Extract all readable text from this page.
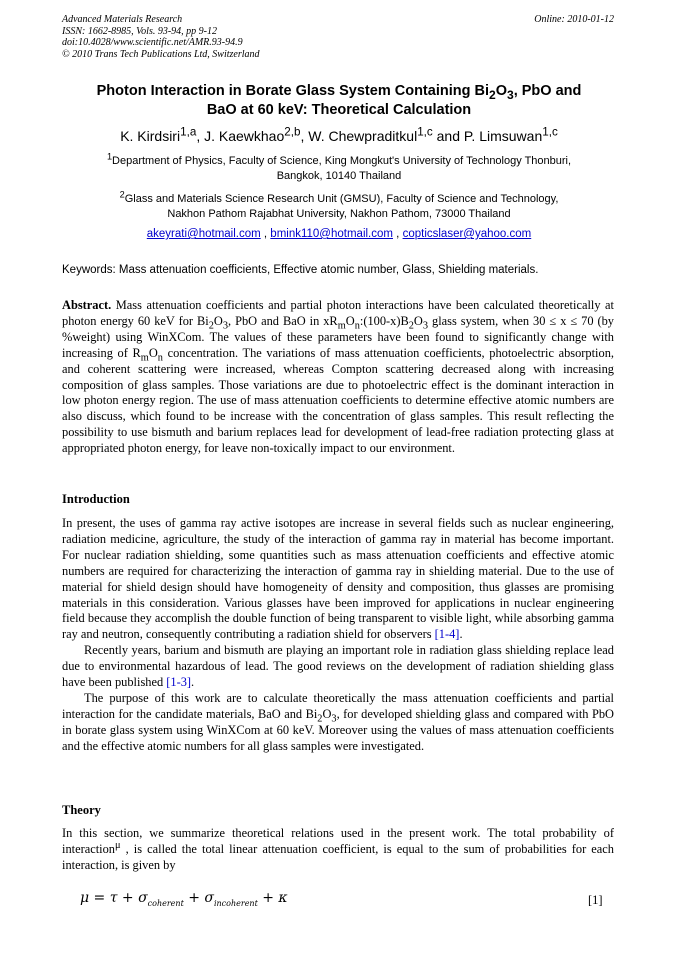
Advanced Materials Research
ISSN: 1662-8985, Vols. 93-94, pp 9-12
doi:10.4028/www.scientific.net/AMR.93-94.9
© 2010 Trans Tech Publications Ltd, Switzerland
Online: 2010-01-12
Photon Interaction in Borate Glass System Containing $Bi_2O_3$, PbO and
BaO at 60 keV: Theoretical Calculation
K. Kirdsiri$^{1,a}$, J. Kaewkhao$^{2,b}$, W. Chewpraditkul$^{1,c}$ and P. Limsuwan$^{1,c}$
$^1$Department of Physics, Faculty of Science, King Mongkut's University of Technology Thonburi,
Bangkok, 10140 Thailand
$^2$Glass and Materials Science Research Unit (GMSU), Faculty of Science and Technology,
Nakhon Pathom Rajabhat University, Nakhon Pathom, 73000 Thailand
akeyrati@hotmail.com , bmink110@hotmail.com , copticslaser@yahoo.com
Keywords: Mass attenuation coefficients, Effective atomic number, Glass, Shielding materials.
Abstract. Mass attenuation coefficients and partial photon interactions have been calculated theoretically at photon energy 60 keV for $Bi_2O_3$, PbO and BaO in $xR_mO_n:(100-x)B_2O_3$ glass system, when 30 ≤ x ≤ 70 (by %weight) using WinXCom. The values of these parameters have been found to significantly change with increasing of $R_mO_n$ concentration. The variations of mass attenuation coefficients, photoelectric absorption, and coherent scattering were increased, whereas Compton scattering decreased along with increasing composition of glass samples. Those variations are due to photoelectric effect is the dominant interaction in low photon energy region. The use of mass attenuation coefficients to determine effective atomic numbers are also discuss, which found to be increase with the concentration of glass samples. This result reflecting the possibility to use bismuth and barium replaces lead for development of lead-free radiation protecting glass at appropriated photon energy, for leave non-toxically impact to our environment.
Introduction
In present, the uses of gamma ray active isotopes are increase in several fields such as nuclear engineering, radiation medicine, agriculture, the study of the interaction of gamma ray in material has become important. For nuclear radiation shielding, some quantities such as mass attenuation coefficients and effective atomic numbers are required for characterizing the interaction of gamma ray in shielding material. Due to the use of material for shield design should have homogeneity of density and composition, thus glasses are promising materials in this consideration. Various glasses have been improved for applications in nuclear engineering field because they accomplish the double function of being transparent to visible light, while absorbing gamma ray and neutron, consequently contributing a radiation shield for observers [1-4].
Recently years, barium and bismuth are playing an important role in radiation glass shielding replace lead due to environmental hazardous of lead. The good reviews on the development of radiation shielding glass have been published [1-3].
The purpose of this work are to calculate theoretically the mass attenuation coefficients and partial interaction for the candidate materials, BaO and $Bi_2O_3$, for developed shielding glass and compared with PbO in borate glass system using WinXCom at 60 keV. Moreover using the values of mass attenuation coefficients and the effective atomic numbers for all glass samples were investigated.
Theory
In this section, we summarize theoretical relations used in the present work. The total probability of interaction$^\mu$ , is called the total linear attenuation coefficient, is equal to the sum of probabilities for each interaction, is given by
$\mu = \tau + \sigma_{coherent} + \sigma_{incoherent} + \kappa$	[1]
